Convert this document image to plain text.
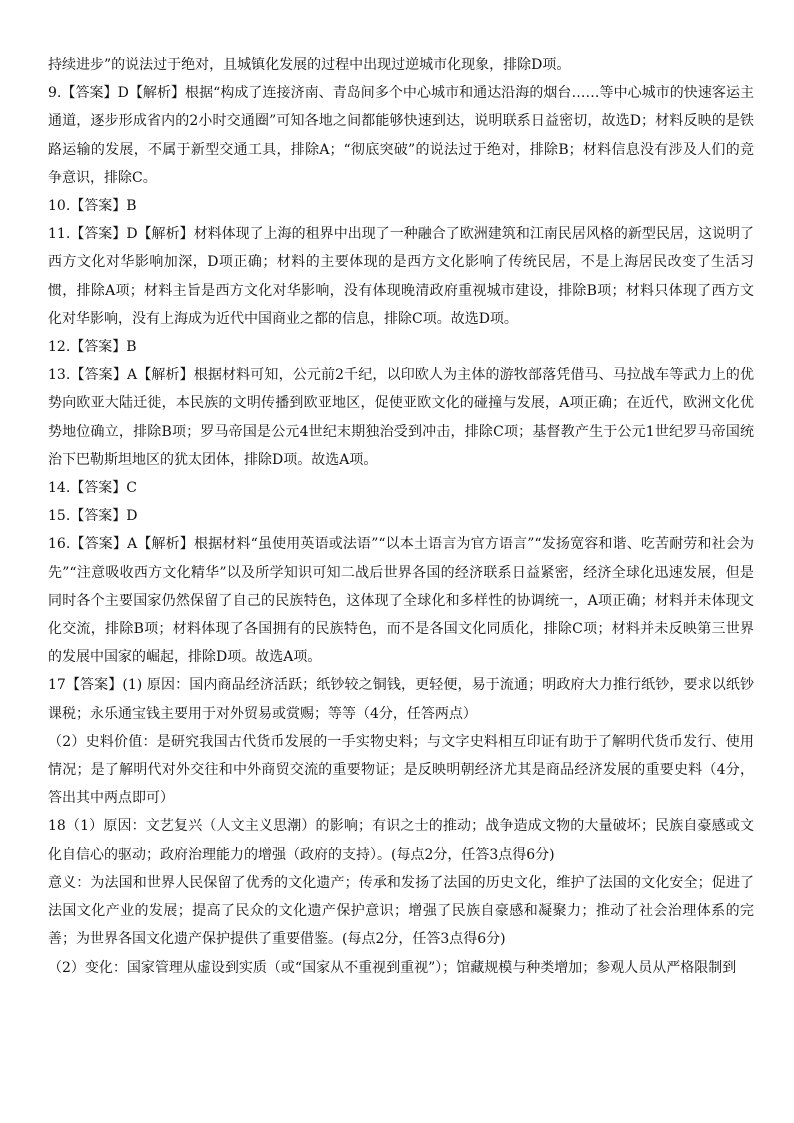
持续进步”的说法过于绝对，且城镇化发展的过程中出现过逆城市化现象，排除D项。

9.【答案】D【解析】根据“构成了连接济南、青岛间多个中心城市和通达沿海的烟台……等中心城市的快速客运主通道，逐步形成省内的2小时交通圈”可知各地之间都能够快速到达，说明联系日益密切，故选D；材料反映的是铁路运输的发展，不属于新型交通工具，排除A；“彻底突破”的说法过于绝对，排除B；材料信息没有涉及人们的竞争意识，排除C。

10.【答案】B

11.【答案】D【解析】材料体现了上海的租界中出现了一种融合了欧洲建筑和江南民居风格的新型民居，这说明了西方文化对华影响加深，D项正确；材料的主要体现的是西方文化影响了传统民居，不是上海居民改变了生活习惯，排除A项；材料主旨是西方文化对华影响，没有体现晚清政府重视城市建设，排除B项；材料只体现了西方文化对华影响，没有上海成为近代中国商业之都的信息，排除C项。故选D项。

12.【答案】B

13.【答案】A【解析】根据材料可知，公元前2千纪，以印欧人为主体的游牧部落凭借马、马拉战车等武力上的优势向欧亚大陆迁徙，本民族的文明传播到欧亚地区，促使亚欧文化的碰撞与发展，A项正确；在近代，欧洲文化优势地位确立，排除B项；罗马帝国是公元4世纪末期独治受到冲击，排除C项；基督教产生于公元1世纪罗马帝国统治下巴勒斯坦地区的犹太团体，排除D项。故选A项。

14.【答案】C

15.【答案】D

16.【答案】A【解析】根据材料“虽使用英语或法语”“以本土语言为官方语言”“发扬宽容和谐、吃苦耐劳和社会为先”“注意吸收西方文化精华”以及所学知识可知二战后世界各国的经济联系日益紧密，经济全球化迅速发展，但是同时各个主要国家仍然保留了自己的民族特色，这体现了全球化和多样性的协调统一，A项正确；材料并未体现文化交流，排除B项；材料体现了各国拥有的民族特色，而不是各国文化同质化，排除C项；材料并未反映第三世界的发展中国家的崛起，排除D项。故选A项。

17【答案】(1) 原因：国内商品经济活跃；纸钞较之铜钱，更轻便，易于流通；明政府大力推行纸钞，要求以纸钞课税；永乐通宝钱主要用于对外贸易或赏赐；等等（4分，任答两点）

（2）史料价值：是研究我国古代货币发展的一手实物史料；与文字史料相互印证有助于了解明代货币发行、使用情况；是了解明代对外交往和中外商贸交流的重要物证；是反映明朝经济尤其是商品经济发展的重要史料（4分，答出其中两点即可）

18（1）原因：文艺复兴（人文主义思潮）的影响；有识之士的推动；战争造成文物的大量破坏；民族自豪感或文化自信心的驱动；政府治理能力的增强（政府的支持）。(每点2分，任答3点得6分)

意义：为法国和世界人民保留了优秀的文化遗产；传承和发扬了法国的历史文化，维护了法国的文化安全；促进了法国文化产业的发展；提高了民众的文化遗产保护意识；增强了民族自豪感和凝聚力；推动了社会治理体系的完善；为世界各国文化遗产保护提供了重要借鉴。(每点2分，任答3点得6分)

（2）变化：国家管理从虚设到实质（或“国家从不重视到重视”）；馆藏规模与种类增加；参观人员从严格限制到
